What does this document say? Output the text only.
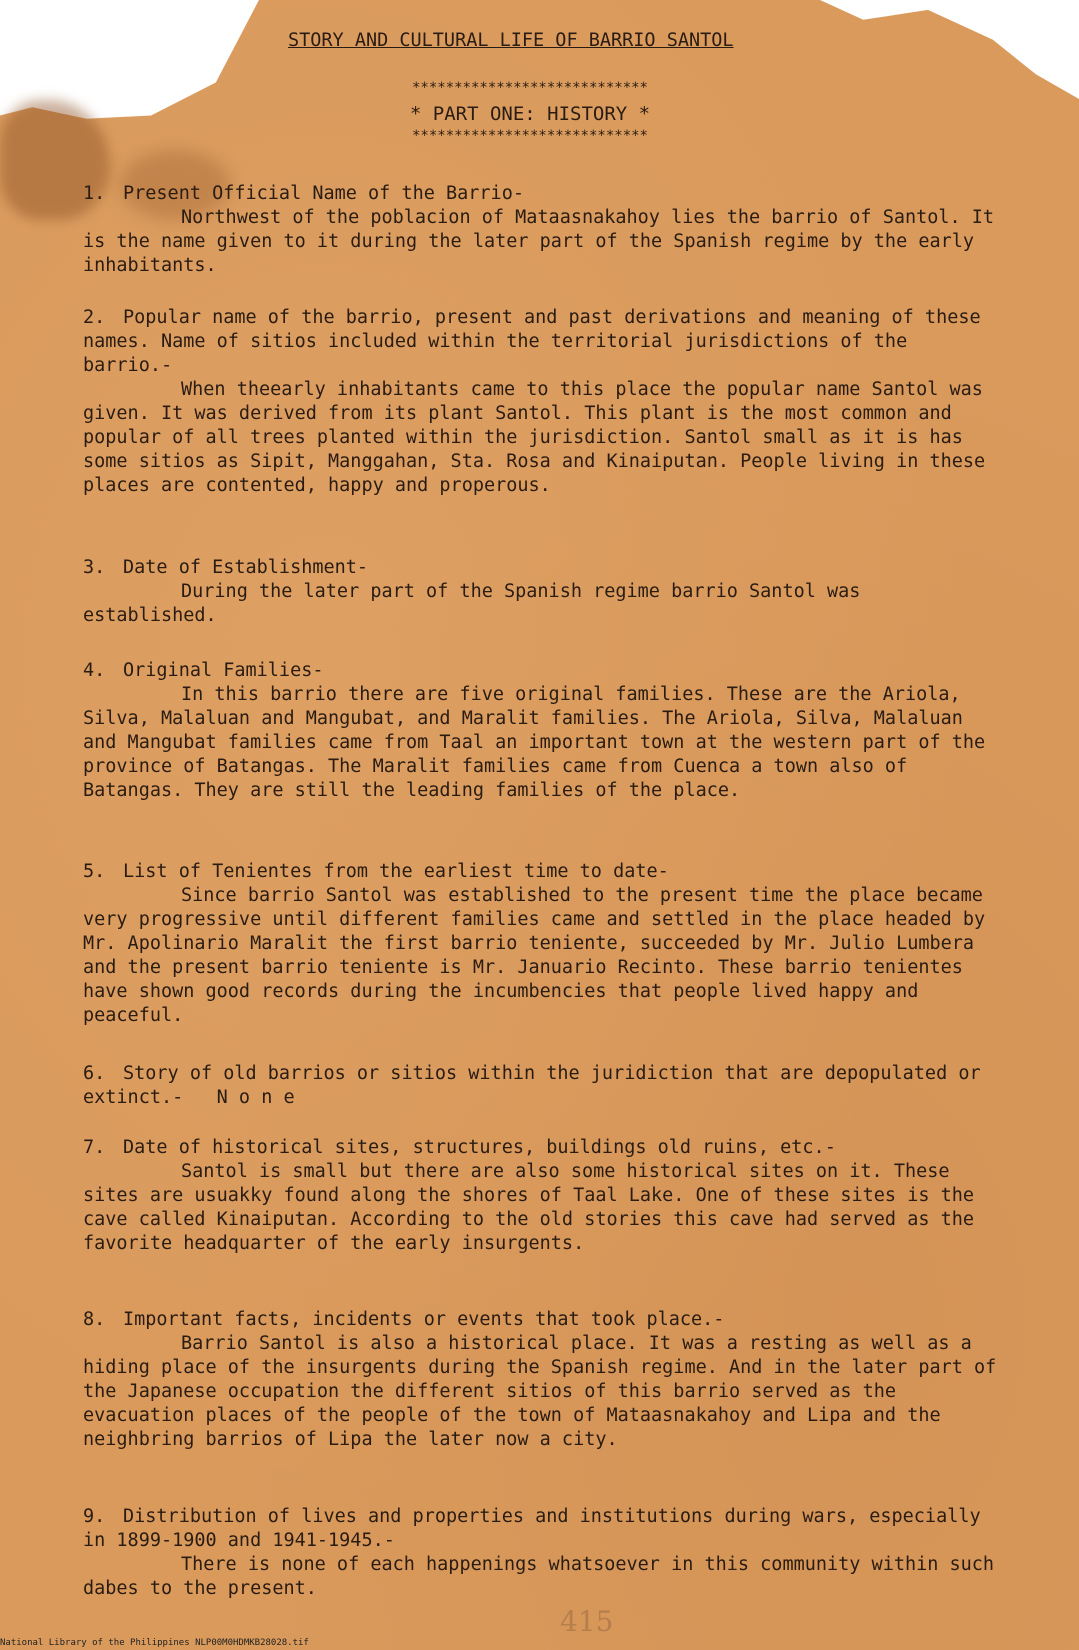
STORY AND CULTURAL LIFE OF BARRIO SANTOL
****************************
* PART ONE: HISTORY *
****************************
1. Present Official Name of the Barrio-
Northwest of the poblacion of Mataasnakahoy lies the barrio of Santol. It is the name given to it during the later part of the Spanish regime by the early inhabitants.
2. Popular name of the barrio, present and past derivations and meaning of these names. Name of sitios included within the territorial jurisdictions of the barrio.-
When theearly inhabitants came to this place the popular name Santol was given. It was derived from its plant Santol. This plant is the most common and popular of all trees planted within the jurisdiction. Santol small as it is has some sitios as Sipit, Manggahan, Sta. Rosa and Kinaiputan. People living in these places are contented, happy and properous.
3. Date of Establishment-
During the later part of the Spanish regime barrio Santol was established.
4. Original Families-
In this barrio there are five original families. These are the Ariola, Silva, Malaluan and Mangubat, and Maralit families. The Ariola, Silva, Malaluan and Mangubat families came from Taal an important town at the western part of the province of Batangas. The Maralit families came from Cuenca a town also of Batangas. They are still the leading families of the place.
5. List of Tenientes from the earliest time to date-
Since barrio Santol was established to the present time the place became very progressive until different families came and settled in the place headed by Mr. Apolinario Maralit the first barrio teniente, succeeded by Mr. Julio Lumbera and the present barrio teniente is Mr. Januario Recinto. These barrio tenientes have shown good records during the incumbencies that people lived happy and peaceful.
6. Story of old barrios or sitios within the juridiction that are depopulated or extinct.-   N o n e
7. Date of historical sites, structures, buildings old ruins, etc.-
Santol is small but there are also some historical sites on it. These sites are usuakky found along the shores of Taal Lake. One of these sites is the cave called Kinaiputan. According to the old stories this cave had served as the favorite headquarter of the early insurgents.
8. Important facts, incidents or events that took place.-
Barrio Santol is also a historical place. It was a resting as well as a hiding place of the insurgents during the Spanish regime. And in the later part of the Japanese occupation the different sitios of this barrio served as the evacuation places of the people of the town of Mataasnakahoy and Lipa and the neighbring barrios of Lipa the later now a city.
9. Distribution of lives and properties and institutions during wars, especially in 1899-1900 and 1941-1945.-
There is none of each happenings whatsoever in this community within such dabes to the present.
415
National Library of the Philippines NLP00M0HDMKB28028.tif
